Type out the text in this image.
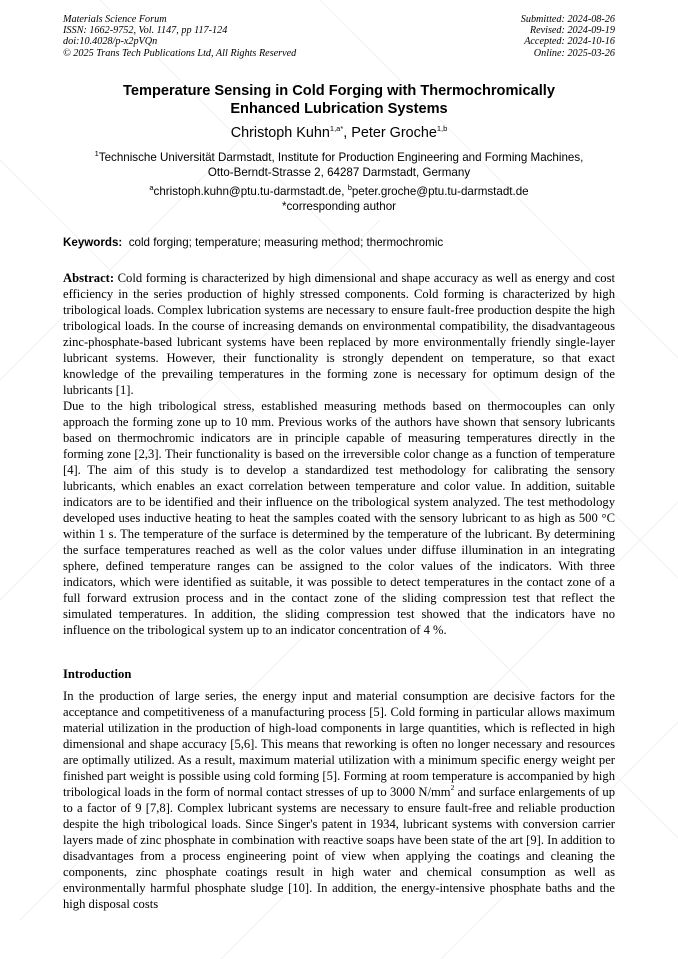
Materials Science Forum
ISSN: 1662-9752, Vol. 1147, pp 117-124
doi:10.4028/p-x2pVQn
© 2025 Trans Tech Publications Ltd, All Rights Reserved
Submitted: 2024-08-26
Revised: 2024-09-19
Accepted: 2024-10-16
Online: 2025-03-26
Temperature Sensing in Cold Forging with Thermochromically
Enhanced Lubrication Systems
Christoph Kuhn$^{1,a*}$, Peter Groche$^{1,b}$
$^1$Technische Universität Darmstadt, Institute for Production Engineering and Forming Machines,
Otto-Berndt-Strasse 2, 64287 Darmstadt, Germany
$^a$christoph.kuhn@ptu.tu-darmstadt.de, $^b$peter.groche@ptu.tu-darmstadt.de
*corresponding author
Keywords: cold forging; temperature; measuring method; thermochromic

Abstract: Cold forming is characterized by high dimensional and shape accuracy as well as energy and cost efficiency in the series production of highly stressed components. Cold forming is characterized by high tribological loads. Complex lubrication systems are necessary to ensure fault-free production despite the high tribological loads. In the course of increasing demands on environmental compatibility, the disadvantageous zinc-phosphate-based lubricant systems have been replaced by more environmentally friendly single-layer lubricant systems. However, their functionality is strongly dependent on temperature, so that exact knowledge of the prevailing temperatures in the forming zone is necessary for optimum design of the lubricants [1].

Due to the high tribological stress, established measuring methods based on thermocouples can only approach the forming zone up to 10 mm. Previous works of the authors have shown that sensory lubricants based on thermochromic indicators are in principle capable of measuring temperatures directly in the forming zone [2,3]. Their functionality is based on the irreversible color change as a function of temperature [4]. The aim of this study is to develop a standardized test methodology for calibrating the sensory lubricants, which enables an exact correlation between temperature and color value. In addition, suitable indicators are to be identified and their influence on the tribological system analyzed. The test methodology developed uses inductive heating to heat the samples coated with the sensory lubricant to as high as 500 °C within 1 s. The temperature of the surface is determined by the temperature of the lubricant. By determining the surface temperatures reached as well as the color values under diffuse illumination in an integrating sphere, defined temperature ranges can be assigned to the color values of the indicators. With three indicators, which were identified as suitable, it was possible to detect temperatures in the contact zone of a full forward extrusion process and in the contact zone of the sliding compression test that reflect the simulated temperatures. In addition, the sliding compression test showed that the indicators have no influence on the tribological system up to an indicator concentration of 4 %.

Introduction

In the production of large series, the energy input and material consumption are decisive factors for the acceptance and competitiveness of a manufacturing process [5]. Cold forming in particular allows maximum material utilization in the production of high-load components in large quantities, which is reflected in high dimensional and shape accuracy [5,6]. This means that reworking is often no longer necessary and resources are optimally utilized. As a result, maximum material utilization with a minimum specific energy weight per finished part weight is possible using cold forming [5]. Forming at room temperature is accompanied by high tribological loads in the form of normal contact stresses of up to 3000 $N/mm^2$ and surface enlargements of up to a factor of 9 [7,8]. Complex lubricant systems are necessary to ensure fault-free and reliable production despite the high tribological loads. Since Singer's patent in 1934, lubricant systems with conversion carrier layers made of zinc phosphate in combination with reactive soaps have been state of the art [9]. In addition to disadvantages from a process engineering point of view when applying the coatings and cleaning the components, zinc phosphate coatings result in high water and chemical consumption as well as environmentally harmful phosphate sludge [10]. In addition, the energy-intensive phosphate baths and the high disposal costs
